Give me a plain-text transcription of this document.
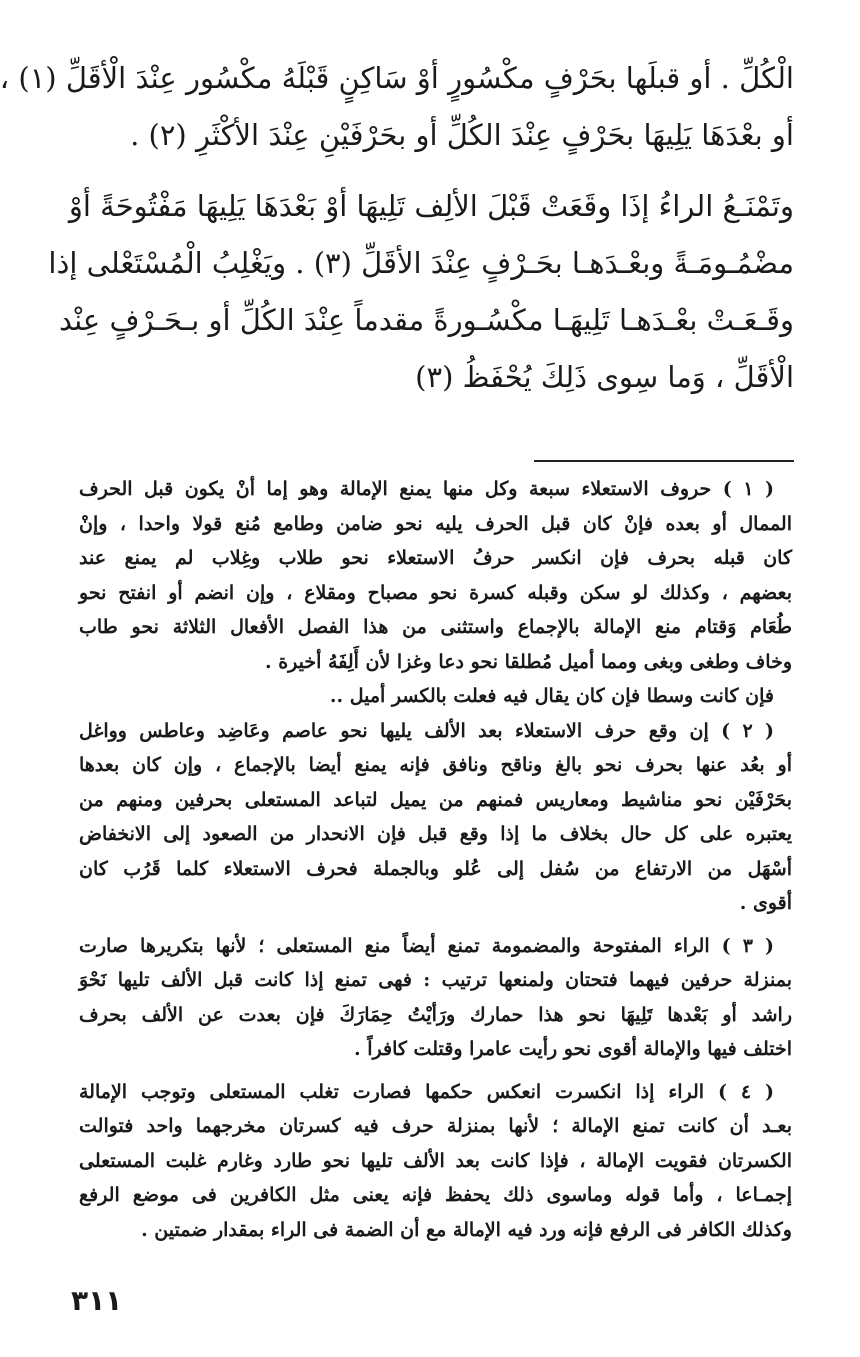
الْكُلِّ . أو قبلَها بحَرْفٍ مكْسُورٍ أوْ سَاكِنٍ قَبْلَهُ مكْسُور عِنْدَ الْأقَلِّ (١) ،

أو بعْدَهَا يَلِيهَا بحَرْفٍ عِنْدَ الكُلِّ أو بحَرْفَيْنِ عِنْدَ الأكْثَرِ (٢) .

وتَمْنَـعُ الراءُ إذَا وقَعَتْ قَبْلَ الألِف تَلِيهَا أوْ بَعْدَهَا يَلِيهَا مَفْتُوحَةً أوْ

مضْمُـومَـةً وبعْـدَهـا بحَـرْفٍ عِنْدَ الأقَلِّ (٣) . ويَغْلِبُ الْمُسْتَعْلى إذا

وقَـعَـتْ بعْـدَهـا تَلِيهَـا مكْسُـورةً مقدماً عِنْدَ الكُلِّ أو بـحَـرْفٍ عِنْد

الْأقَلِّ ، وَما سِوى ذَلِكَ يُحْفَظُ (٣)

( ١ ) حروف الاستعلاء سبعة وكل منها يمنع الإمالة وهو إما أنْ يكون قبل الحرف

الممال أو بعده فإنْ كان قبل الحرف يليه نحو ضامن وطامع مُنع قولا واحدا ، وإنْ

كان قبله بحرف فإن انكسر حرفُ الاستعلاء نحو طلاب وغِلاب لم يمنع عند

بعضهم ، وكذلك لو سكن وقبله كسرة نحو مصباح ومقلاع ، وإن انضم أو انفتح نحو

طُعَام وَقتام منع الإمالة بالإجماع واستثنى من هذا الفصل الأفعال الثلاثة نحو طاب

وخاف وطغى وبغى ومما أميل مُطلقا نحو دعا وغزا لأن أَلِفَهُ أخيرة .

فإن كانت وسطا فإن كان يقال فيه فعلت بالكسر أميل ..

( ٢ ) إن وقع حرف الاستعلاء بعد الألف يليها نحو عاصم وعَاضِد وعاطس وواغل

أو بعُد عنها بحرف نحو بالغ وناقح ونافق فإنه يمنع أيضا بالإجماع ، وإن كان بعدها

بحَرْفَيْن نحو مناشيط ومعاريس فمنهم من يميل لتباعد المستعلى بحرفين ومنهم من

يعتبره على كل حال بخلاف ما إذا وقع قبل فإن الانحدار من الصعود إلى الانخفاض

أسْهَل من الارتفاع من سُفل إلى عُلو وبالجملة فحرف الاستعلاء كلما قَرُب كان

أقوى .

( ٣ ) الراء المفتوحة والمضمومة تمنع أيضاً منع المستعلى ؛ لأنها بتكريرها صارت

بمنزلة حرفين فيهما فتحتان ولمنعها ترتيب : فهى تمنع إذا كانت قبل الألف تليها نَحْوَ

راشد أو بَعْدها تَلِيهَا نحو هذا حمارك ورَأيْتُ حِمَارَكَ فإن بعدت عن الألف بحرف

اختلف فيها والإمالة أقوى نحو رأيت عامرا وقتلت كافراً .

( ٤ ) الراء إذا انكسرت انعكس حكمها فصارت تغلب المستعلى وتوجب الإمالة

بعـد أن كانت تمنع الإمالة ؛ لأنها بمنزلة حرف فيه كسرتان مخرجهما واحد فتوالت

الكسرتان فقويت الإمالة ، فإذا كانت بعد الألف تليها نحو طارد وغارم غلبت المستعلى

إجمـاعا ، وأما قوله وماسوى ذلك يحفظ فإنه يعنى مثل الكافرين فى موضع الرفع

وكذلك الكافر فى الرفع فإنه ورد فيه الإمالة مع أن الضمة فى الراء بمقدار ضمتين .

٣١١
